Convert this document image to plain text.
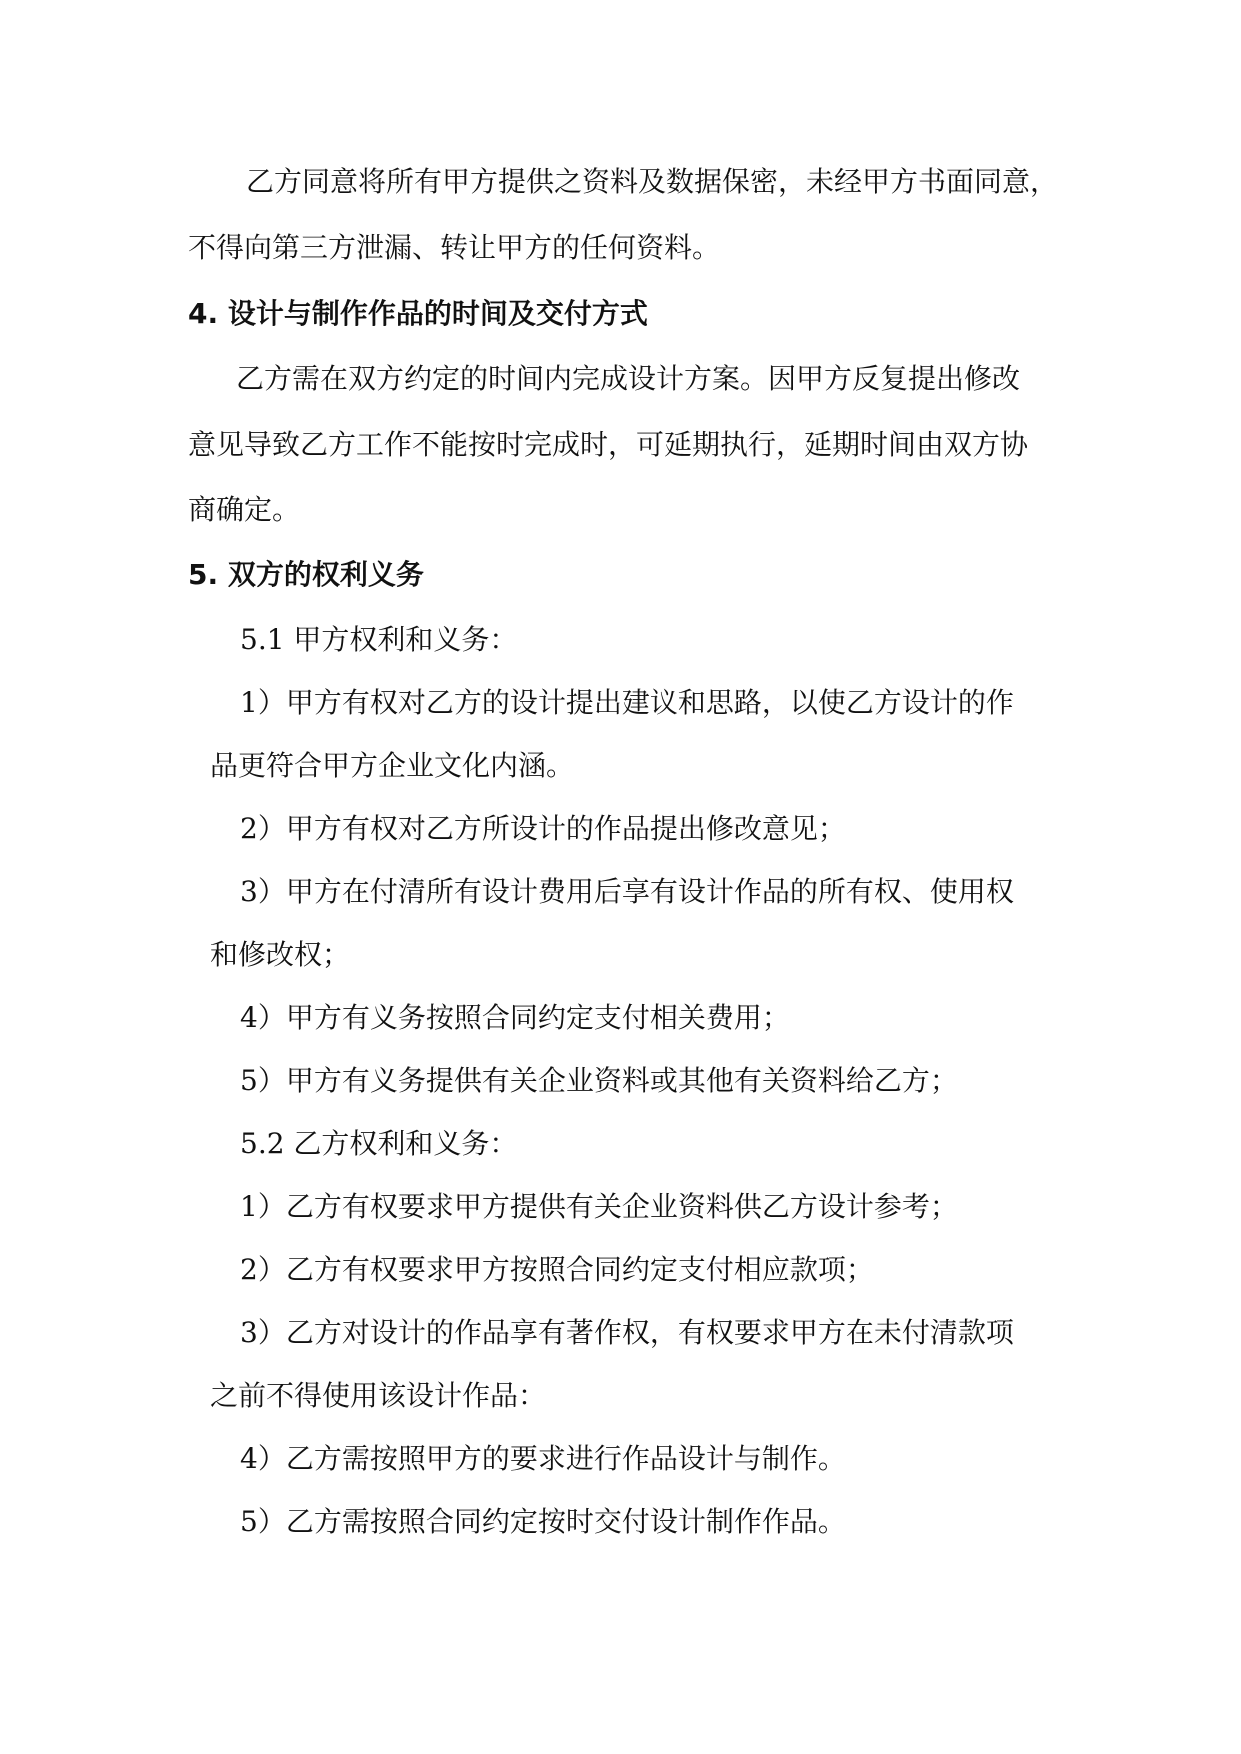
乙方同意将所有甲方提供之资料及数据保密，未经甲方书面同意，
不得向第三方泄漏、转让甲方的任何资料。
4. 设计与制作作品的时间及交付方式
乙方需在双方约定的时间内完成设计方案。因甲方反复提出修改
意见导致乙方工作不能按时完成时，可延期执行，延期时间由双方协
商确定。
5. 双方的权利义务
5.1 甲方权利和义务：
1）甲方有权对乙方的设计提出建议和思路，以使乙方设计的作
品更符合甲方企业文化内涵。
2）甲方有权对乙方所设计的作品提出修改意见；
3）甲方在付清所有设计费用后享有设计作品的所有权、使用权
和修改权；
4）甲方有义务按照合同约定支付相关费用；
5）甲方有义务提供有关企业资料或其他有关资料给乙方；
5.2 乙方权利和义务：
1）乙方有权要求甲方提供有关企业资料供乙方设计参考；
2）乙方有权要求甲方按照合同约定支付相应款项；
3）乙方对设计的作品享有著作权，有权要求甲方在未付清款项
之前不得使用该设计作品：
4）乙方需按照甲方的要求进行作品设计与制作。
5）乙方需按照合同约定按时交付设计制作作品。
